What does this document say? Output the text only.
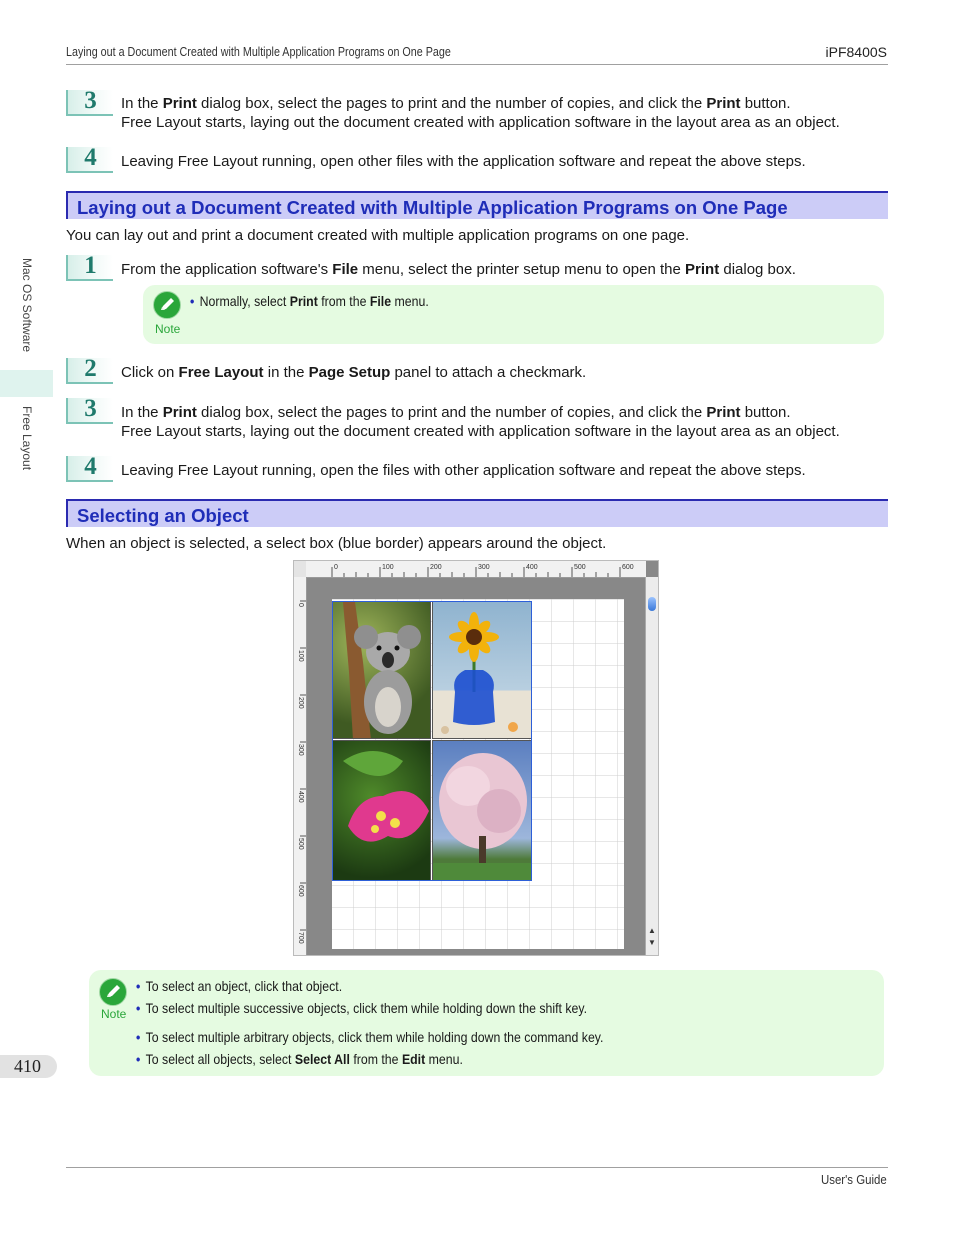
Laying out a Document Created with Multiple Application Programs on One Page	iPF8400S
Mac OS Software
Free Layout
410
3	In the Print dialog box, select the pages to print and the number of copies, and click the Print button.
Free Layout starts, laying out the document created with application software in the layout area as an object.
4	Leaving Free Layout running, open other files with the application software and repeat the above steps.
Laying out a Document Created with Multiple Application Programs on One Page
You can lay out and print a document created with multiple application programs on one page.
1	From the application software's File menu, select the printer setup menu to open the Print dialog box.
Note
• Normally, select Print from the File menu.
2	Click on Free Layout in the Page Setup panel to attach a checkmark.
3	In the Print dialog box, select the pages to print and the number of copies, and click the Print button.
Free Layout starts, laying out the document created with application software in the layout area as an object.
4	Leaving Free Layout running, open the files with other application software and repeat the above steps.
Selecting an Object
When an object is selected, a select box (blue border) appears around the object.
0	100	200	300	400	500	600
0
100
200
300
400
500
600
700
▲
▼
Note
• To select an object, click that object.
• To select multiple successive objects, click them while holding down the shift key.
• To select multiple arbitrary objects, click them while holding down the command key.
• To select all objects, select Select All from the Edit menu.
User's Guide
